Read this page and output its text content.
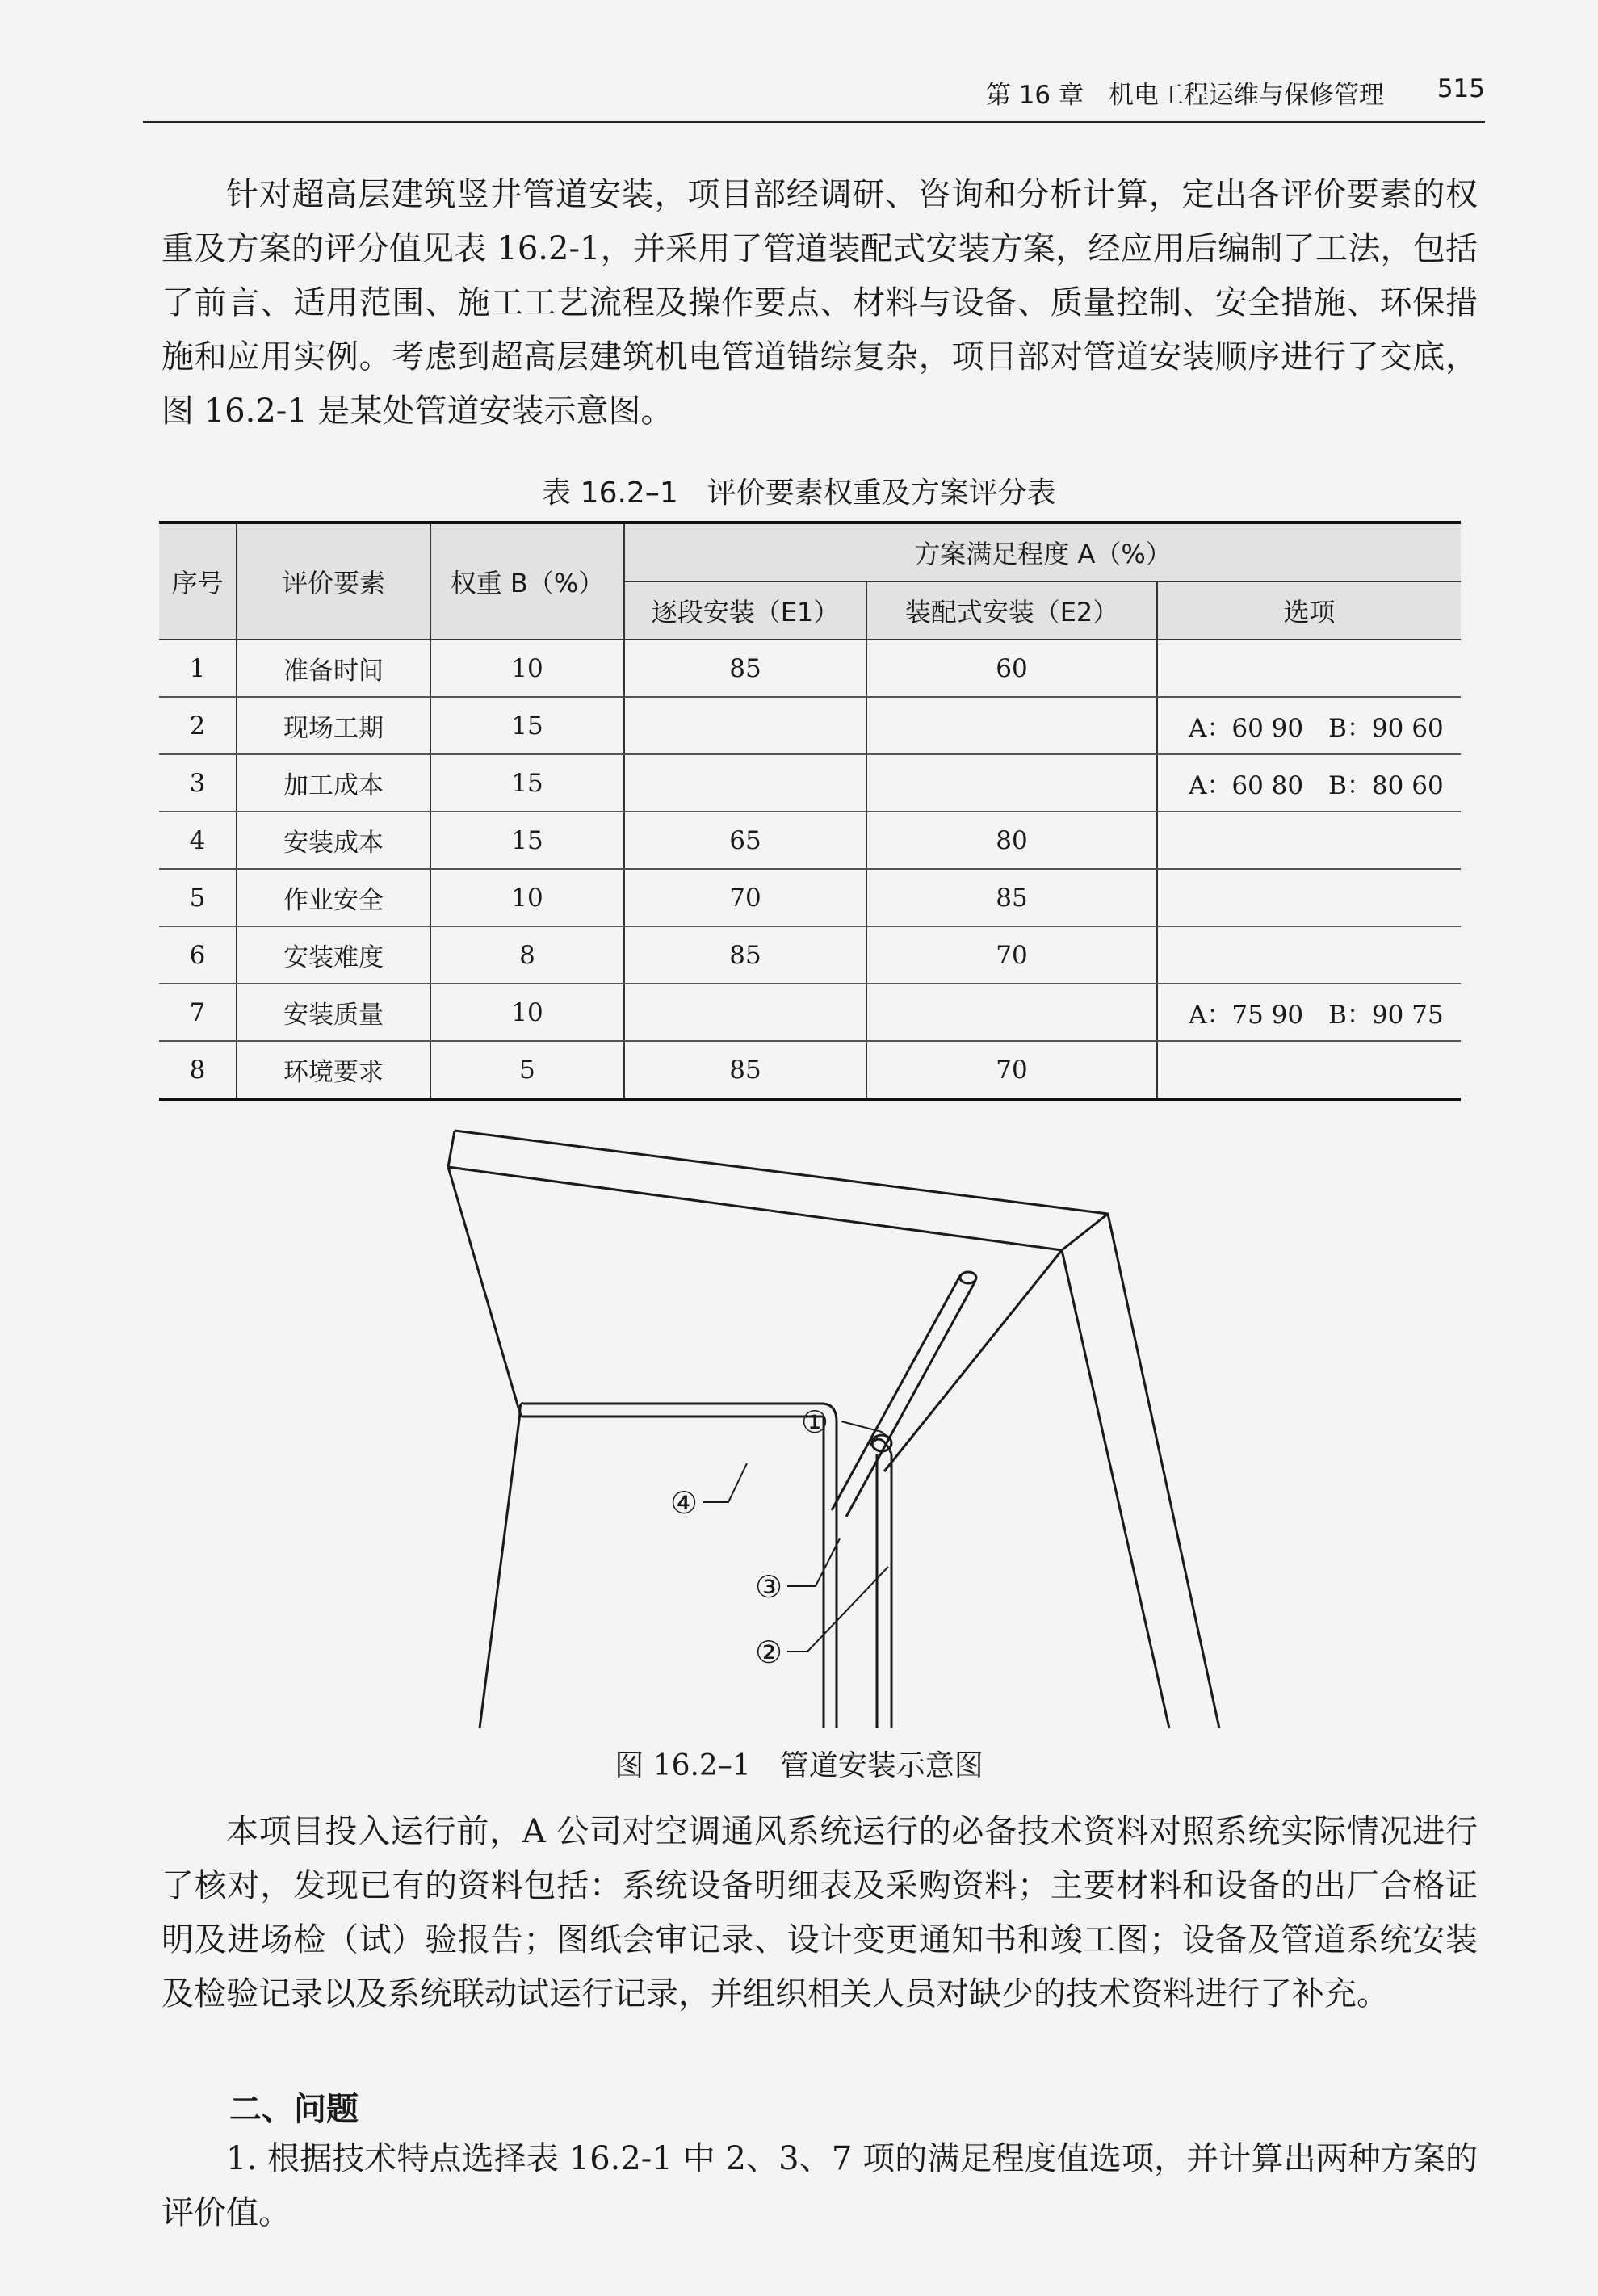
第 16 章　机电工程运维与保修管理 515

针对超高层建筑竖井管道安装，项目部经调研、咨询和分析计算，定出各评价要素的权重及方案的评分值见表 16.2-1，并采用了管道装配式安装方案，经应用后编制了工法，包括了前言、适用范围、施工工艺流程及操作要点、材料与设备、质量控制、安全措施、环保措施和应用实例。考虑到超高层建筑机电管道错综复杂，项目部对管道安装顺序进行了交底，图 16.2-1 是某处管道安装示意图。

表 16.2–1　评价要素权重及方案评分表
序号	评价要素	权重 B（%）	方案满足程度 A（%）		
			逐段安装（E1）	装配式安装（E2）	选项
1	准备时间	10	85	60	
2	现场工期	15			A：60 90　B：90 60
3	加工成本	15			A：60 80　B：80 60
4	安装成本	15	65	80	
5	作业安全	10	70	85	
6	安装难度	8	85	70	
7	安装质量	10			A：75 90　B：90 75
8	环境要求	5	85	70	
①
④
③
②
图 16.2–1　管道安装示意图

本项目投入运行前，A 公司对空调通风系统运行的必备技术资料对照系统实际情况进行了核对，发现已有的资料包括：系统设备明细表及采购资料；主要材料和设备的出厂合格证明及进场检（试）验报告；图纸会审记录、设计变更通知书和竣工图；设备及管道系统安装及检验记录以及系统联动试运行记录，并组织相关人员对缺少的技术资料进行了补充。

二、问题

1. 根据技术特点选择表 16.2-1 中 2、3、7 项的满足程度值选项，并计算出两种方案的评价值。
